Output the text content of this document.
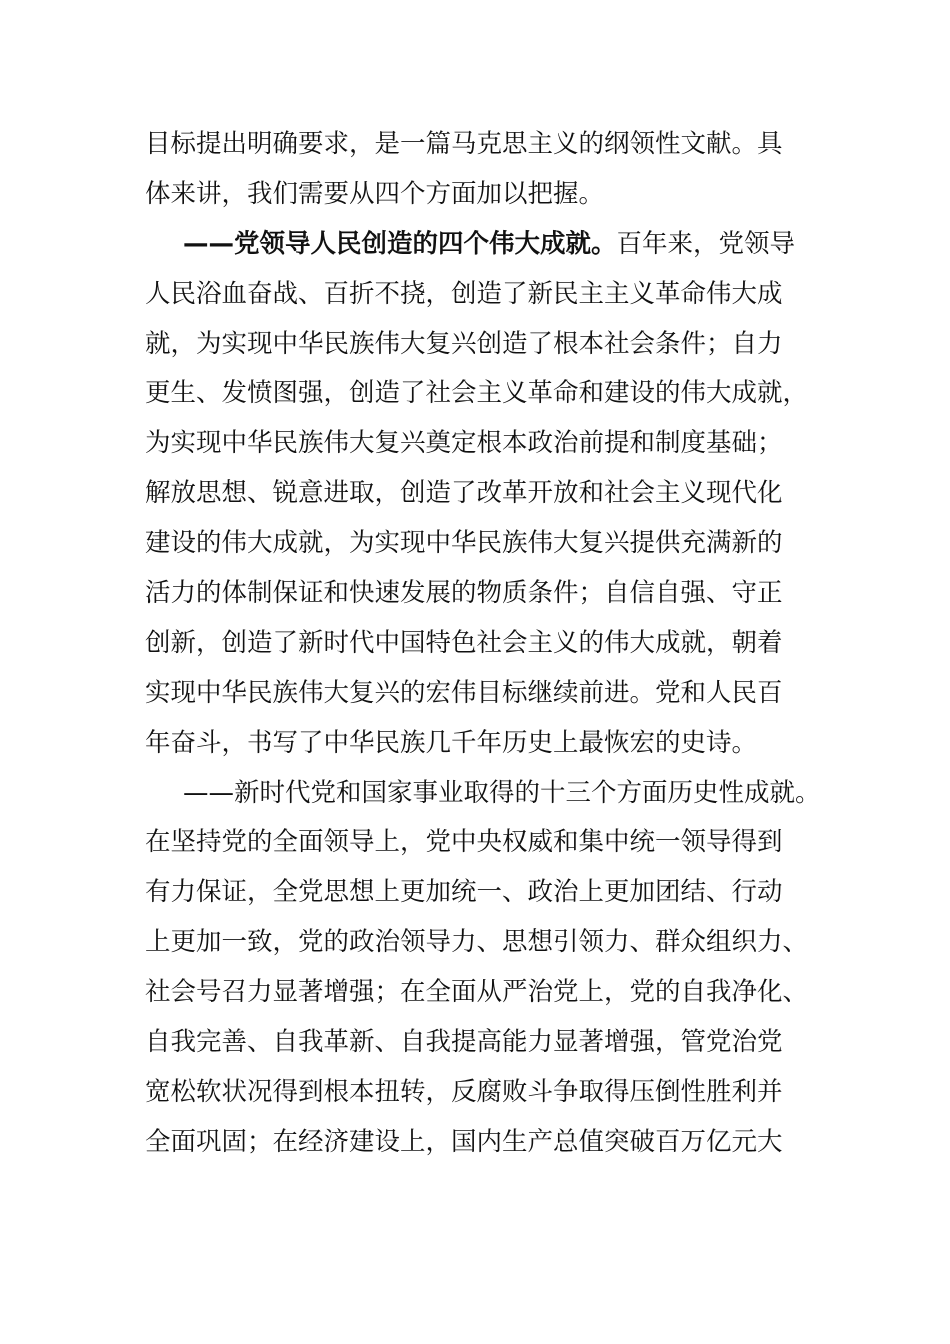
目标提出明确要求，是一篇马克思主义的纲领性文献。具
体来讲，我们需要从四个方面加以把握。
——党领导人民创造的四个伟大成就。百年来，党领导
人民浴血奋战、百折不挠，创造了新民主主义革命伟大成
就，为实现中华民族伟大复兴创造了根本社会条件；自力
更生、发愤图强，创造了社会主义革命和建设的伟大成就，
为实现中华民族伟大复兴奠定根本政治前提和制度基础；
解放思想、锐意进取，创造了改革开放和社会主义现代化
建设的伟大成就，为实现中华民族伟大复兴提供充满新的
活力的体制保证和快速发展的物质条件；自信自强、守正
创新，创造了新时代中国特色社会主义的伟大成就，朝着
实现中华民族伟大复兴的宏伟目标继续前进。党和人民百
年奋斗，书写了中华民族几千年历史上最恢宏的史诗。
——新时代党和国家事业取得的十三个方面历史性成就。
在坚持党的全面领导上，党中央权威和集中统一领导得到
有力保证，全党思想上更加统一、政治上更加团结、行动
上更加一致，党的政治领导力、思想引领力、群众组织力、
社会号召力显著增强；在全面从严治党上，党的自我净化、
自我完善、自我革新、自我提高能力显著增强，管党治党
宽松软状况得到根本扭转，反腐败斗争取得压倒性胜利并
全面巩固；在经济建设上，国内生产总值突破百万亿元大
